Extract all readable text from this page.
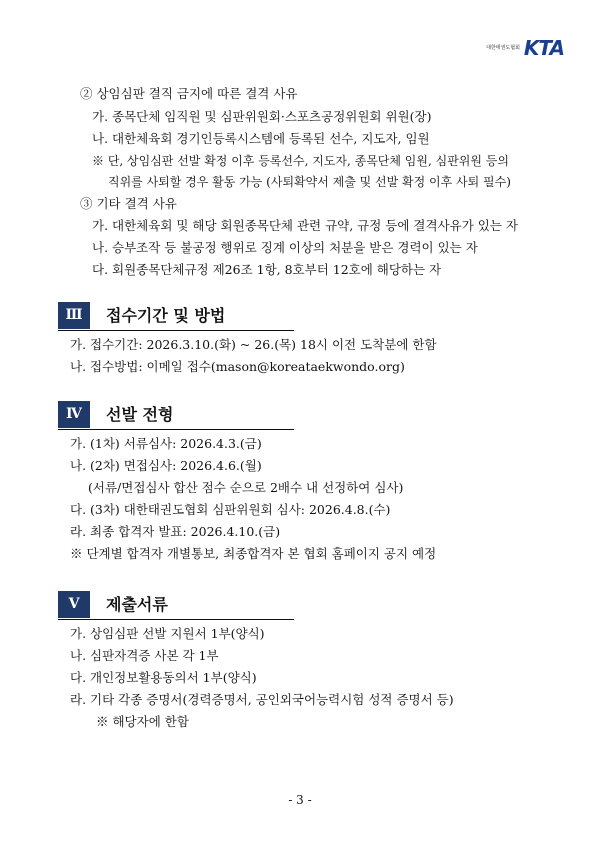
대한태권도협회 KTA
② 상임심판 결직 금지에 따른 결격 사유
가. 종목단체 임직원 및 심판위원회·스포츠공정위원회 위원(장)
나. 대한체육회 경기인등록시스템에 등록된 선수, 지도자, 임원
※ 단, 상임심판 선발 확정 이후 등록선수, 지도자, 종목단체 임원, 심판위원 등의
직위를 사퇴할 경우 활동 가능 (사퇴확약서 제출 및 선발 확정 이후 사퇴 필수)
③ 기타 결격 사유
가. 대한체육회 및 해당 회원종목단체 관련 규약, 규정 등에 결격사유가 있는 자
나. 승부조작 등 불공정 행위로 징계 이상의 처분을 받은 경력이 있는 자
다. 회원종목단체규정 제26조 1항, 8호부터 12호에 해당하는 자
Ⅲ	접수기간 및 방법
가. 접수기간: 2026.3.10.(화) ~ 26.(목) 18시 이전 도착분에 한함
나. 접수방법: 이메일 접수(mason@koreataekwondo.org)
Ⅳ	선발 전형
가. (1차) 서류심사: 2026.4.3.(금)
나. (2차) 면접심사: 2026.4.6.(월)
(서류/면접심사 합산 점수 순으로 2배수 내 선정하여 심사)
다. (3차) 대한태권도협회 심판위원회 심사: 2026.4.8.(수)
라. 최종 합격자 발표: 2026.4.10.(금)
※ 단계별 합격자 개별통보, 최종합격자 본 협회 홈페이지 공지 예정
Ⅴ	제출서류
가. 상임심판 선발 지원서 1부(양식)
나. 심판자격증 사본 각 1부
다. 개인정보활용동의서 1부(양식)
라. 기타 각종 증명서(경력증명서, 공인외국어능력시험 성적 증명서 등)
※ 해당자에 한함
- 3 -
